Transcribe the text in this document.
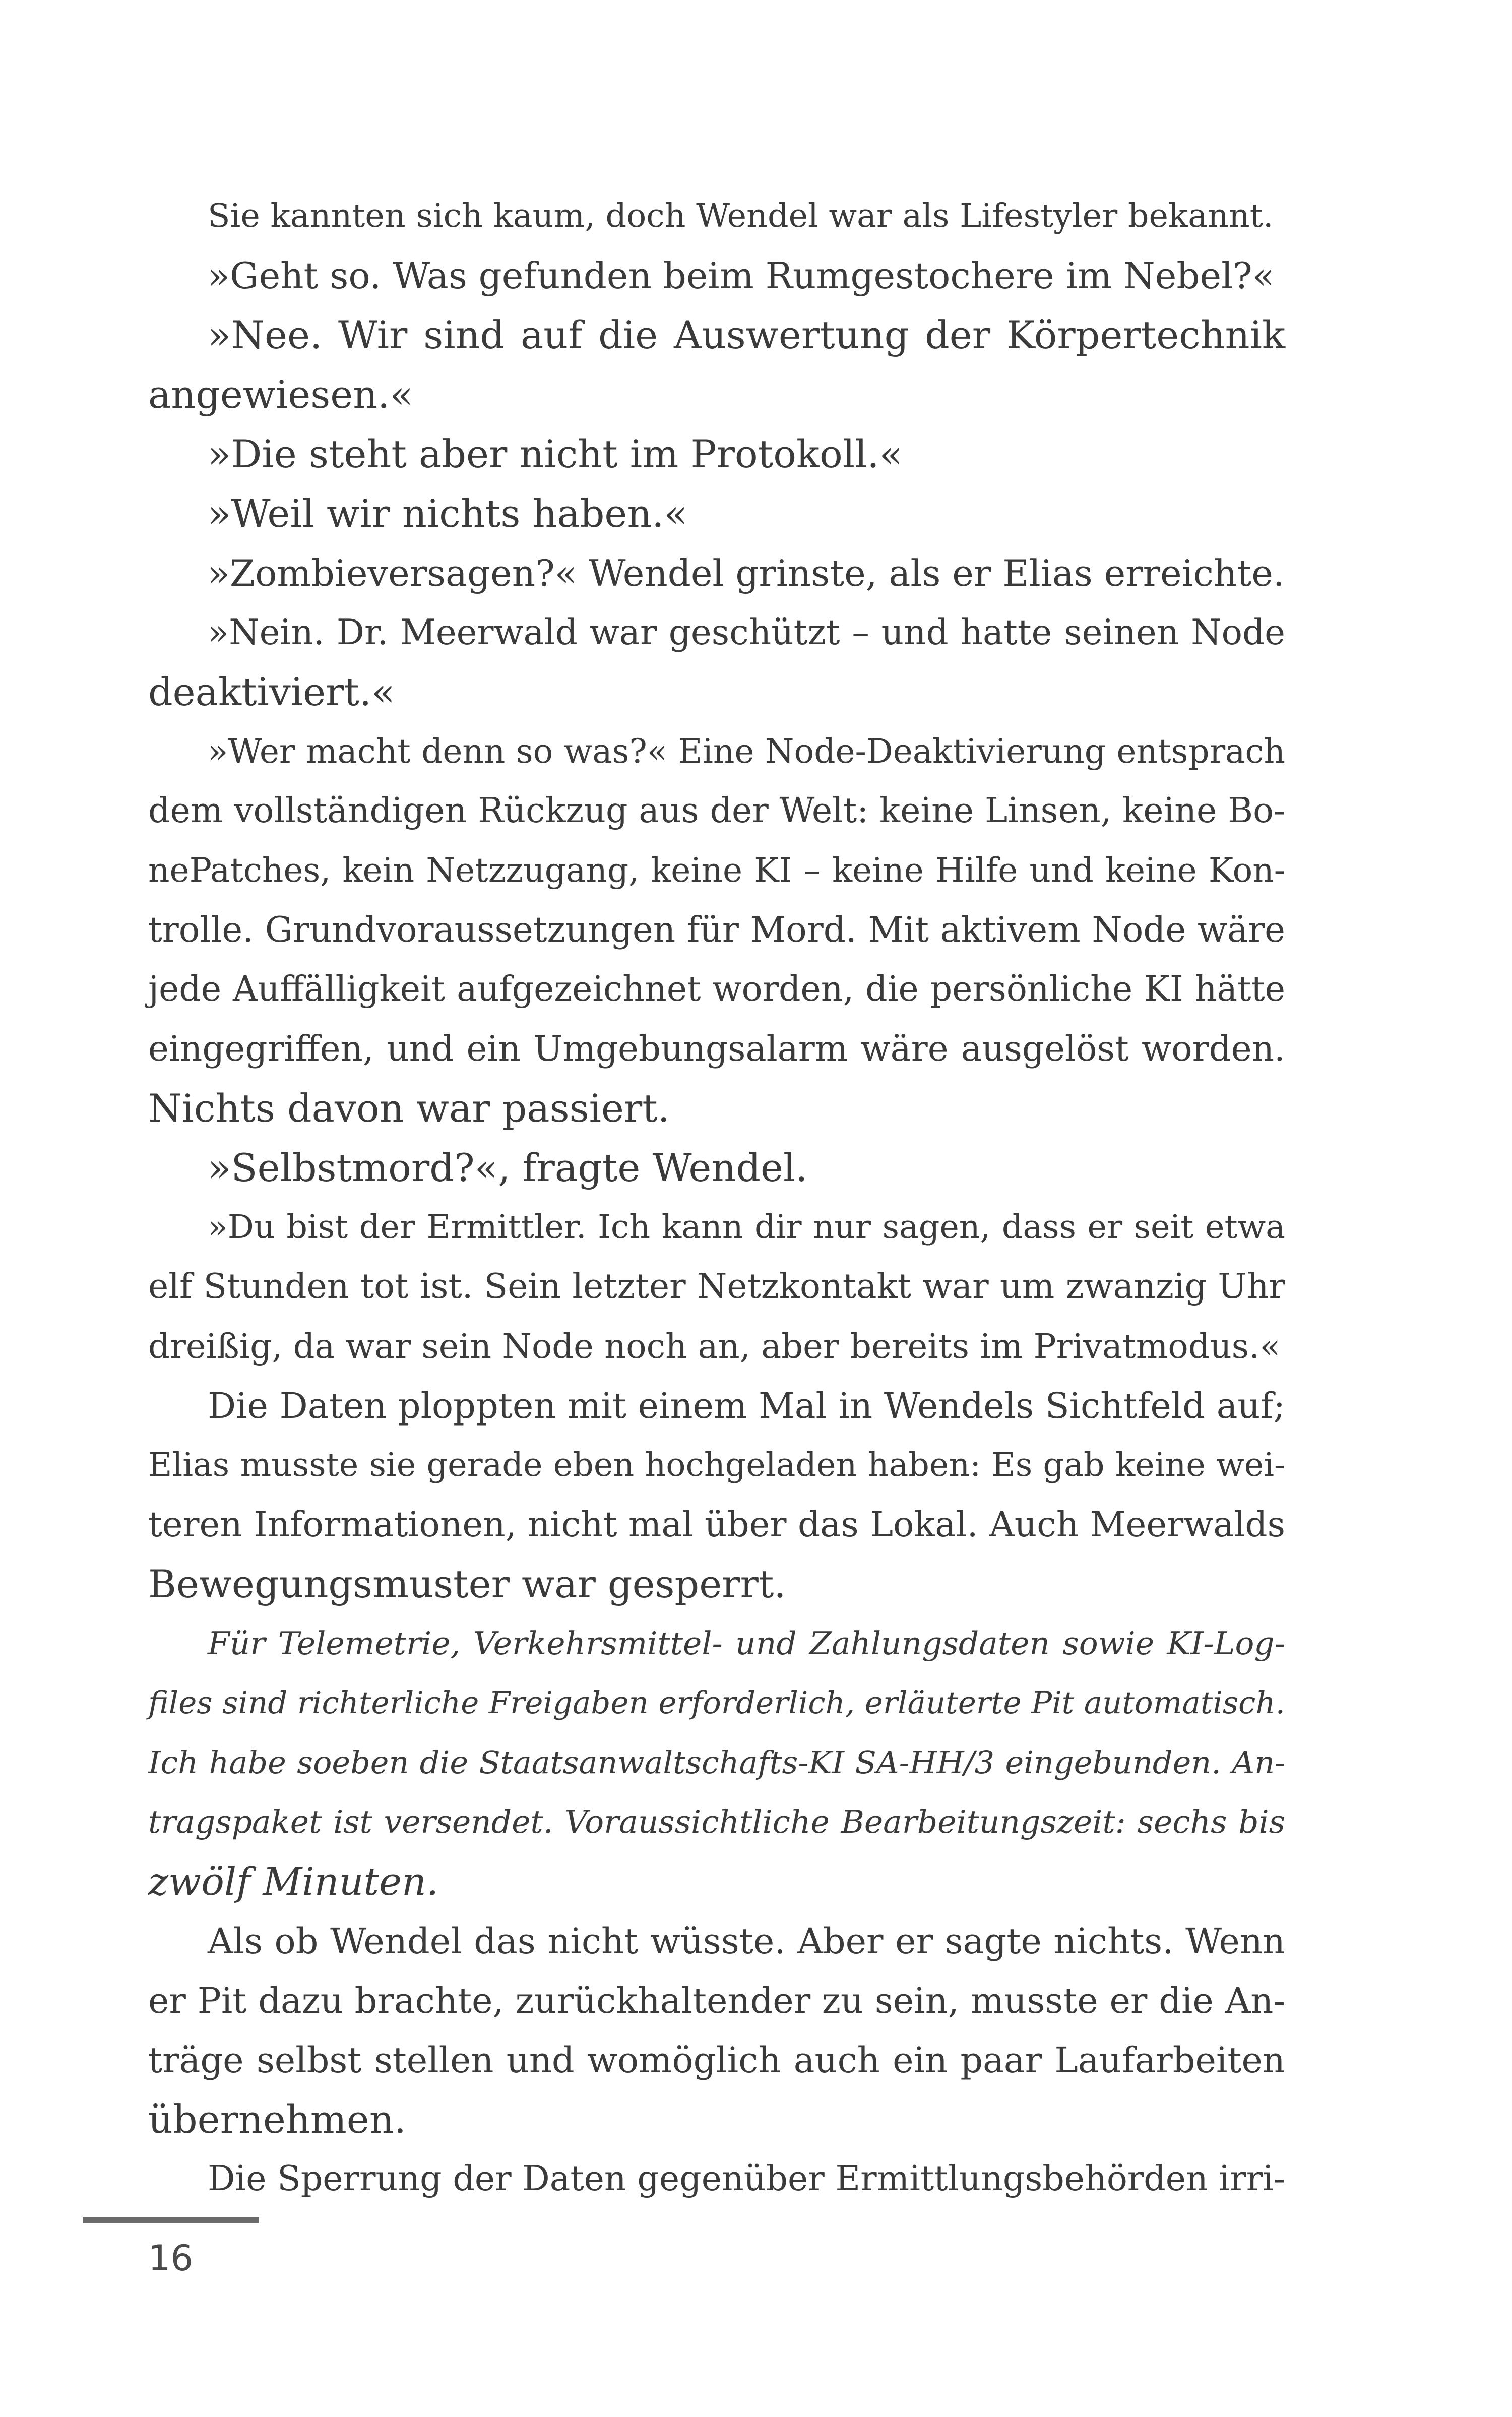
Sie kannten sich kaum, doch Wendel war als Lifestyler bekannt.
»Geht so. Was gefunden beim Rumgestochere im Nebel?«
»Nee. Wir sind auf die Auswertung der Körpertechnik
angewiesen.«
»Die steht aber nicht im Protokoll.«
»Weil wir nichts haben.«
»Zombieversagen?« Wendel grinste, als er Elias erreichte.
»Nein. Dr. Meerwald war geschützt – und hatte seinen Node
deaktiviert.«
»Wer macht denn so was?« Eine Node-Deaktivierung entsprach
dem vollständigen Rückzug aus der Welt: keine Linsen, keine Bo-
nePatches, kein Netzzugang, keine KI – keine Hilfe und keine Kon-
trolle. Grundvoraussetzungen für Mord. Mit aktivem Node wäre
jede Auffälligkeit aufgezeichnet worden, die persönliche KI hätte
eingegriffen, und ein Umgebungsalarm wäre ausgelöst worden.
Nichts davon war passiert.
»Selbstmord?«, fragte Wendel.
»Du bist der Ermittler. Ich kann dir nur sagen, dass er seit etwa
elf Stunden tot ist. Sein letzter Netzkontakt war um zwanzig Uhr
dreißig, da war sein Node noch an, aber bereits im Privatmodus.«
Die Daten ploppten mit einem Mal in Wendels Sichtfeld auf;
Elias musste sie gerade eben hochgeladen haben: Es gab keine wei-
teren Informationen, nicht mal über das Lokal. Auch Meerwalds
Bewegungsmuster war gesperrt.
Für Telemetrie, Verkehrsmittel- und Zahlungsdaten sowie KI-Log-
files sind richterliche Freigaben erforderlich, erläuterte Pit automatisch.
Ich habe soeben die Staatsanwaltschafts-KI SA-HH/3 eingebunden. An-
tragspaket ist versendet. Voraussichtliche Bearbeitungszeit: sechs bis
zwölf Minuten.
Als ob Wendel das nicht wüsste. Aber er sagte nichts. Wenn
er Pit dazu brachte, zurückhaltender zu sein, musste er die An-
träge selbst stellen und womöglich auch ein paar Laufarbeiten
übernehmen.
Die Sperrung der Daten gegenüber Ermittlungsbehörden irri-
16
